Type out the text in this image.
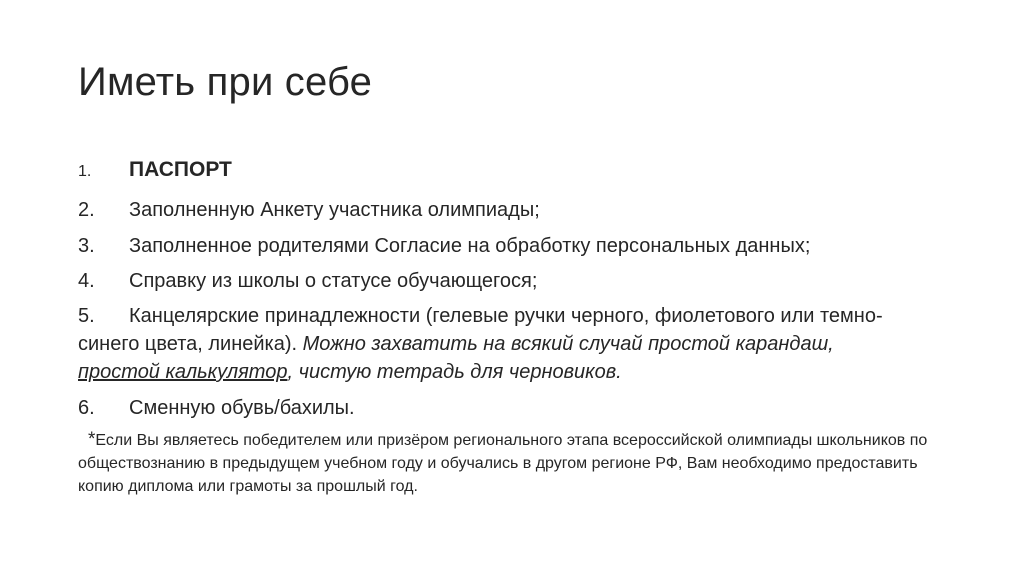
Иметь при себе
1. ПАСПОРТ
2. Заполненную Анкету участника олимпиады;
3. Заполненное родителями Согласие на обработку персональных данных;
4. Справку из школы о статусе обучающегося;
5. Канцелярские принадлежности (гелевые ручки черного, фиолетового или темно-синего цвета, линейка). Можно захватить на всякий случай простой карандаш, простой калькулятор, чистую тетрадь для черновиков.
6. Сменную обувь/бахилы.
*Если Вы являетесь победителем или призёром регионального этапа всероссийской олимпиады школьников по обществознанию в предыдущем учебном году и обучались в другом регионе РФ, Вам необходимо предоставить копию диплома или грамоты за прошлый год.
